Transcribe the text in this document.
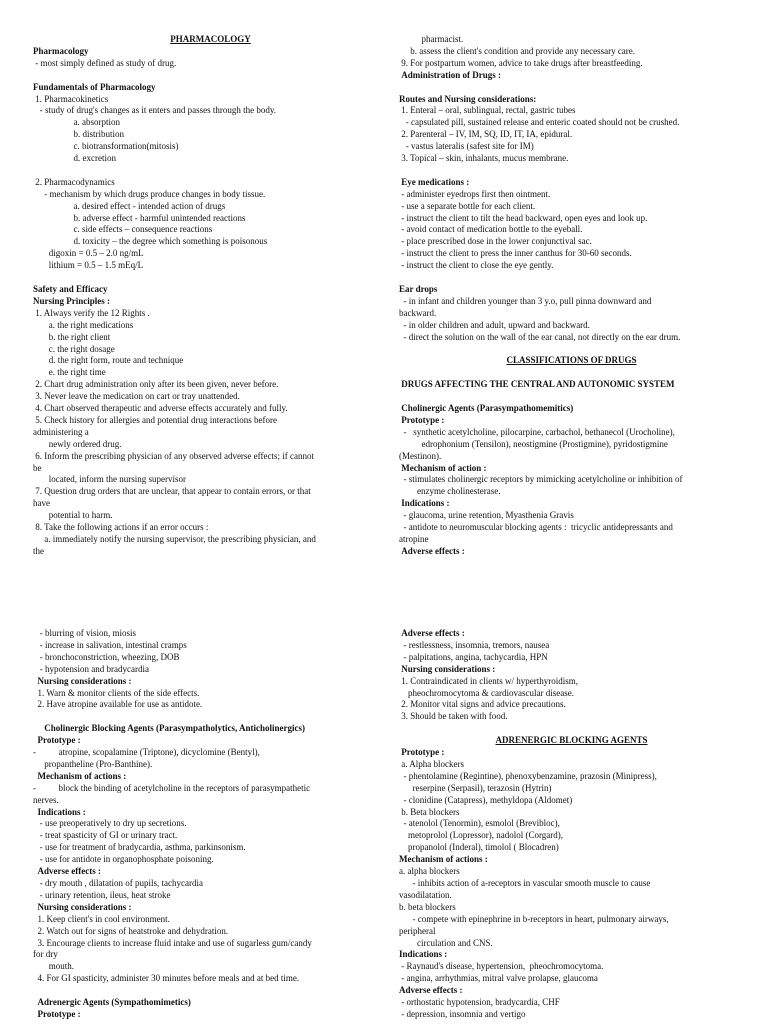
PHARMACOLOGY
Pharmacology
- most simply defined as study of drug.
Fundamentals of Pharmacology
1. Pharmacokinetics
- study of drug's changes as it enters and passes through the body.
a. absorption
b. distribution
c. biotransformation(mitosis)
d. excretion
2. Pharmacodynamics
- mechanism by which drugs produce changes in body tissue.
a. desired effect - intended action of drugs
b. adverse effect - harmful unintended reactions
c. side effects – consequence reactions
d. toxicity – the degree which something is poisonous
digoxin = 0.5 – 2.0 ng/mL
lithium = 0.5 – 1.5 mEq/L
Safety and Efficacy
Nursing Principles :
1. Always verify the 12 Rights .
a. the right medications
b. the right client
c. the right dosage
d. the right form, route and technique
e. the right time
2. Chart drug administration only after its been given, never before.
3. Never leave the medication on cart or tray unattended.
4. Chart observed therapeutic and adverse effects accurately and fully.
5. Check history for allergies and potential drug interactions before
administering a
newly ordered drug.
6. Inform the prescribing physician of any observed adverse effects; if cannot
be
located, inform the nursing supervisor
7. Question drug orders that are unclear, that appear to contain errors, or that
have
potential to harm.
8. Take the following actions if an error occurs :
a. immediately notify the nursing supervisor, the prescribing physician, and
the
pharmacist.
b. assess the client's condition and provide any necessary care.
9. For postpartum women, advice to take drugs after breastfeeding.
Administration of Drugs :
Routes and Nursing considerations:
1. Enteral – oral, sublingual, rectal, gastric tubes
- capsulated pill, sustained release and enteric coated should not be crushed.
2. Parenteral – IV, IM, SQ, ID, IT, IA, epidural.
- vastus lateralis (safest site for IM)
3. Topical – skin, inhalants, mucus membrane.
Eye medications :
- administer eyedrops first then ointment.
- use a separate bottle for each client.
- instruct the client to tilt the head backward, open eyes and look up.
- avoid contact of medication bottle to the eyeball.
- place prescribed dose in the lower conjunctival sac.
- instruct the client to press the inner canthus for 30-60 seconds.
- instruct the client to close the eye gently.
Ear drops
- in infant and children younger than 3 y.o, pull pinna downward and
backward.
- in older children and adult, upward and backward.
- direct the solution on the wall of the ear canal, not directly on the ear drum.
CLASSIFICATIONS OF DRUGS
DRUGS AFFECTING THE CENTRAL AND AUTONOMIC SYSTEM
Cholinergic Agents (Parasympathomemitics)
Prototype :
-   synthetic acetylcholine, pilocarpine, carbachol, bethanecol (Urocholine),
edrophonium (Tensilon), neostigmine (Prostigmine), pyridostigmine
(Mestinon).
Mechanism of action :
- stimulates cholinergic receptors by mimicking acetylcholine or inhibition of
enzyme cholinesterase.
Indications :
- glaucoma, urine retention, Myasthenia Gravis
- antidote to neuromuscular blocking agents :  tricyclic antidepressants and
atropine
Adverse effects :
- blurring of vision, miosis
- increase in salivation, intestinal cramps
- bronchoconstriction, wheezing, DOB
- hypotension and bradycardia
Nursing considerations :
1. Warn & monitor clients of the side effects.
2. Have atropine available for use as antidote.
Cholinergic Blocking Agents (Parasympatholytics, Anticholinergics)
Prototype :
-          atropine, scopalamine (Triptone), dicyclomine (Bentyl),
propantheline (Pro-Banthine).
Mechanism of actions :
-          block the binding of acetylcholine in the receptors of parasympathetic
nerves.
Indications :
- use preoperatively to dry up secretions.
- treat spasticity of GI or urinary tract.
- use for treatment of bradycardia, asthma, parkinsonism.
- use for antidote in organophosphate poisoning.
Adverse effects :
- dry mouth , dilatation of pupils, tachycardia
- urinary retention, ileus, heat stroke
Nursing considerations :
1. Keep client's in cool environment.
2. Watch out for signs of heatstroke and dehydration.
3. Encourage clients to increase fluid intake and use of sugarless gum/candy
for dry
mouth.
4. For GI spasticity, administer 30 minutes before meals and at bed time.
Adrenergic Agents (Sympathomimetics)
Prototype :
Adverse effects :
- restlessness, insomnia, tremors, nausea
- palpitations, angina, tachycardia, HPN
Nursing considerations :
1. Contraindicated in clients w/ hyperthyroidism,
pheochromocytoma & cardiovascular disease.
2. Monitor vital signs and advice precautions.
3. Should be taken with food.
ADRENERGIC BLOCKING AGENTS
Prototype :
a. Alpha blockers
- phentolamine (Regintine), phenoxybenzamine, prazosin (Minipress),
reserpine (Serpasil), terazosin (Hytrin)
- clonidine (Catapress), methyldopa (Aldomet)
b. Beta blockers
- atenolol (Tenormin), esmolol (Brevibloc),
metoprolol (Lopressor), nadolol (Corgard),
propanolol (Inderal), timolol ( Blocadren)
Mechanism of actions :
a. alpha blockers
- inhibits action of a-receptors in vascular smooth muscle to cause
vasodilatation.
b. beta blockers
- compete with epinephrine in b-receptors in heart, pulmonary airways,
peripheral
circulation and CNS.
Indications :
- Raynaud's disease, hypertension,  pheochromocytoma.
- angina, arrhythmias, mitral valve prolapse, glaucoma
Adverse effects :
- orthostatic hypotension, bradycardia, CHF
- depression, insomnia and vertigo
